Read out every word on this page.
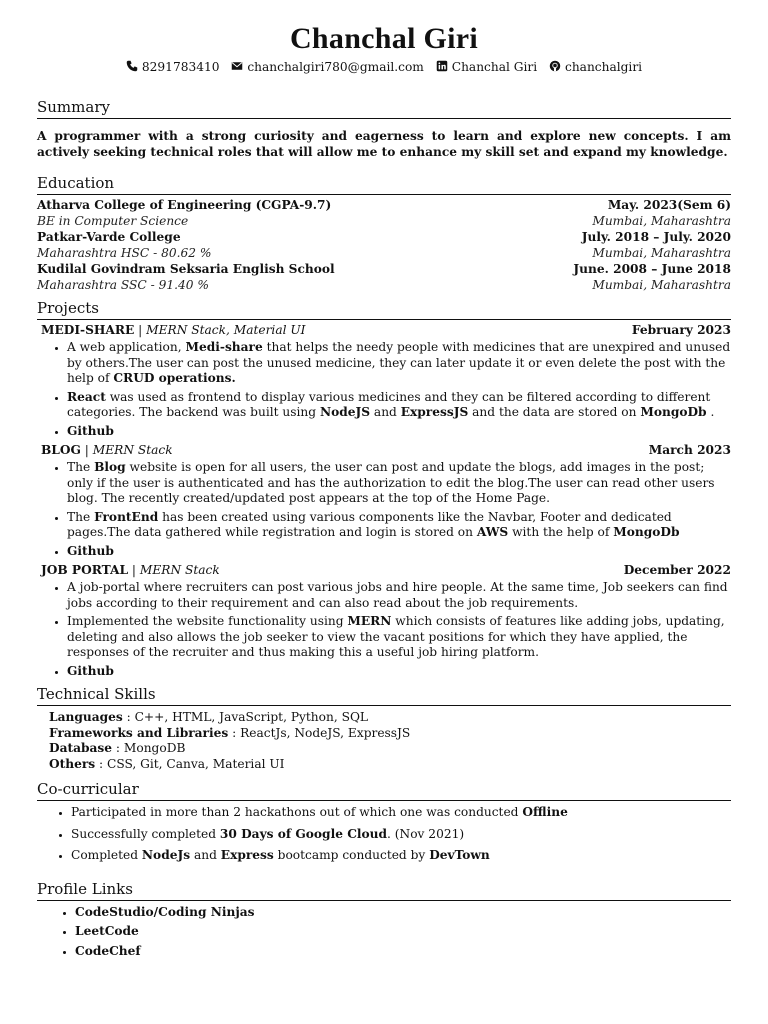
Chanchal Giri
8291783410 chanchalgiri780@gmail.com Chanchal Giri chanchalgiri
Summary
A programmer with a strong curiosity and eagerness to learn and explore new concepts. I am actively seeking technical roles that will allow me to enhance my skill set and expand my knowledge.
Education
Atharva College of Engineering (CGPA-9.7)	May. 2023(Sem 6)
BE in Computer Science	Mumbai, Maharashtra
Patkar-Varde College	July. 2018 – July. 2020
Maharashtra HSC - 80.62 %	Mumbai, Maharashtra
Kudilal Govindram Seksaria English School	June. 2008 – June 2018
Maharashtra SSC - 91.40 %	Mumbai, Maharashtra
Projects
MEDI-SHARE | MERN Stack, Material UI	February 2023
• A web application, Medi-share that helps the needy people with medicines that are unexpired and unused by others.The user can post the unused medicine, they can later update it or even delete the post with the help of CRUD operations.
• React was used as frontend to display various medicines and they can be filtered according to different categories. The backend was built using NodeJS and ExpressJS and the data are stored on MongoDb .
• Github
BLOG | MERN Stack	March 2023
• The Blog website is open for all users, the user can post and update the blogs, add images in the post; only if the user is authenticated and has the authorization to edit the blog.The user can read other users blog. The recently created/updated post appears at the top of the Home Page.
• The FrontEnd has been created using various components like the Navbar, Footer and dedicated pages.The data gathered while registration and login is stored on AWS with the help of MongoDb
• Github
JOB PORTAL | MERN Stack	December 2022
• A job-portal where recruiters can post various jobs and hire people. At the same time, Job seekers can find jobs according to their requirement and can also read about the job requirements.
• Implemented the website functionality using MERN which consists of features like adding jobs, updating, deleting and also allows the job seeker to view the vacant positions for which they have applied, the responses of the recruiter and thus making this a useful job hiring platform.
• Github
Technical Skills
Languages : C++, HTML, JavaScript, Python, SQL
Frameworks and Libraries : ReactJs, NodeJS, ExpressJS
Database : MongoDB
Others : CSS, Git, Canva, Material UI
Co-curricular
• Participated in more than 2 hackathons out of which one was conducted Offline
• Successfully completed 30 Days of Google Cloud. (Nov 2021)
• Completed NodeJs and Express bootcamp conducted by DevTown
Profile Links
• CodeStudio/Coding Ninjas
• LeetCode
• CodeChef
